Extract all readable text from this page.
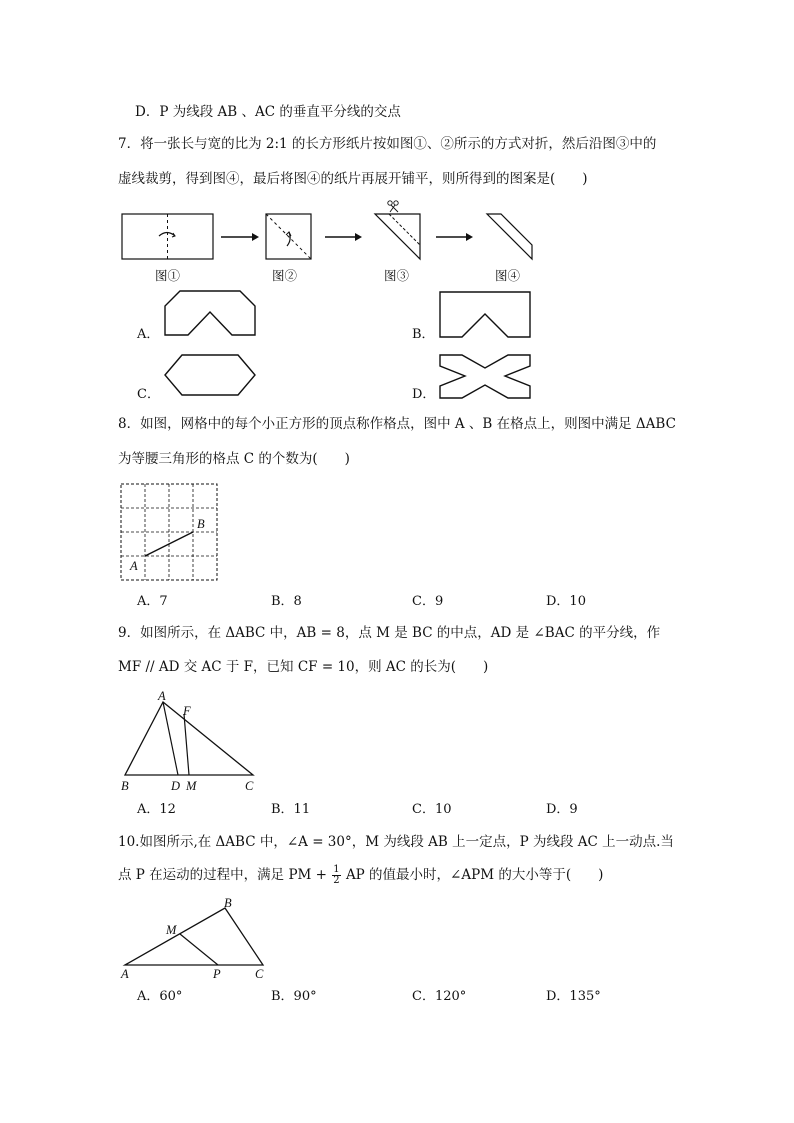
D．P 为线段 AB 、AC 的垂直平分线的交点
7．将一张长与宽的比为 2:1 的长方形纸片按如图①、②所示的方式对折，然后沿图③中的
虚线裁剪，得到图④，最后将图④的纸片再展开铺平，则所得到的图案是(　　)
图①	图②	图③	图④
A．	B．
C．	D．
8．如图，网格中的每个小正方形的顶点称作格点，图中 A 、B 在格点上，则图中满足 ΔABC
为等腰三角形的格点 C 的个数为(　　)
A
B
A．7	B．8	C．9	D．10
9．如图所示，在 ΔABC 中，AB = 8，点 M 是 BC 的中点，AD 是 ∠BAC 的平分线，作
MF // AD 交 AC 于 F，已知 CF = 10，则 AC 的长为(　　)
A
F
B	D M	C
A．12	B．11	C．10	D．9
10.如图所示,在 ΔABC 中，∠A = 30°，M 为线段 AB 上一定点，P 为线段 AC 上一动点.当
点 P 在运动的过程中，满足 PM + $\frac{1}{2}$ AP 的值最小时，∠APM 的大小等于(　　)
B
M
A	P	C
A．60°	B．90°	C．120°	D．135°
